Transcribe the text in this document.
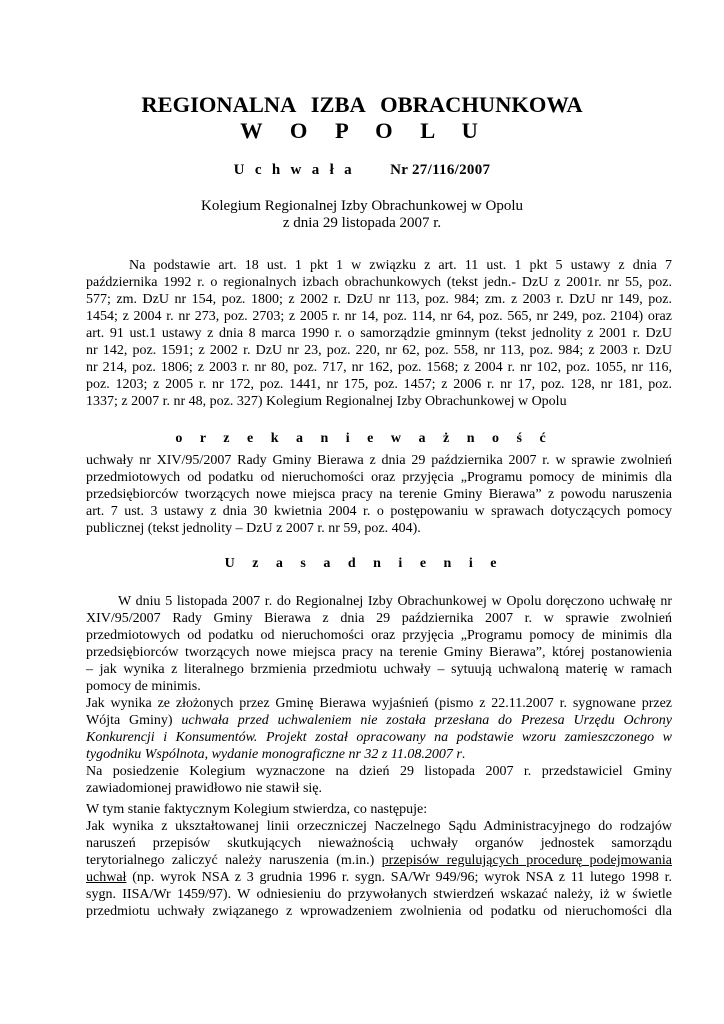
REGIONALNA IZBA OBRACHUNKOWA
W O P O L U
U c h w a ł a Nr 27/116/2007
Kolegium Regionalnej Izby Obrachunkowej w Opolu
z dnia 29 listopada 2007 r.
Na podstawie art. 18 ust. 1 pkt 1 w związku z art. 11 ust. 1 pkt 5 ustawy z dnia 7
października 1992 r. o regionalnych izbach obrachunkowych (tekst jedn.- DzU z 2001r. nr 55, poz.
577; zm. DzU nr 154, poz. 1800; z 2002 r. DzU nr 113, poz. 984; zm. z 2003 r. DzU nr 149, poz.
1454; z 2004 r. nr 273, poz. 2703; z 2005 r. nr 14, poz. 114, nr 64, poz. 565, nr 249, poz. 2104) oraz
art. 91 ust.1 ustawy z dnia 8 marca 1990 r. o samorządzie gminnym (tekst jednolity z 2001 r. DzU
nr 142, poz. 1591; z 2002 r. DzU nr 23, poz. 220, nr 62, poz. 558, nr 113, poz. 984; z 2003 r. DzU
nr 214, poz. 1806; z 2003 r. nr 80, poz. 717, nr 162, poz. 1568; z 2004 r. nr 102, poz. 1055, nr 116,
poz. 1203; z 2005 r. nr 172, poz. 1441, nr 175, poz. 1457; z 2006 r. nr 17, poz. 128, nr 181, poz.
1337; z 2007 r. nr 48, poz. 327) Kolegium Regionalnej Izby Obrachunkowej w Opolu
o r z e k a n i e w a ż n o ś ć
uchwały nr XIV/95/2007 Rady Gminy Bierawa z dnia 29 października 2007 r. w sprawie zwolnień
przedmiotowych od podatku od nieruchomości oraz przyjęcia „Programu pomocy de minimis dla
przedsiębiorców tworzących nowe miejsca pracy na terenie Gminy Bierawa” z powodu naruszenia
art. 7 ust. 3 ustawy z dnia 30 kwietnia 2004 r. o postępowaniu w sprawach dotyczących pomocy
publicznej (tekst jednolity – DzU z 2007 r. nr 59, poz. 404).
U z a s a d n i e n i e
W dniu 5 listopada 2007 r. do Regionalnej Izby Obrachunkowej w Opolu doręczono uchwałę nr
XIV/95/2007 Rady Gminy Bierawa z dnia 29 października 2007 r. w sprawie zwolnień
przedmiotowych od podatku od nieruchomości oraz przyjęcia „Programu pomocy de minimis dla
przedsiębiorców tworzących nowe miejsca pracy na terenie Gminy Bierawa”, której postanowienia
– jak wynika z literalnego brzmienia przedmiotu uchwały – sytuują uchwaloną materię w ramach
pomocy de minimis.
Jak wynika ze złożonych przez Gminę Bierawa wyjaśnień (pismo z 22.11.2007 r. sygnowane przez
Wójta Gminy) uchwała przed uchwaleniem nie została przesłana do Prezesa Urzędu Ochrony
Konkurencji i Konsumentów. Projekt został opracowany na podstawie wzoru zamieszczonego w
tygodniku Wspólnota, wydanie monograficzne nr 32 z 11.08.2007 r.
Na posiedzenie Kolegium wyznaczone na dzień 29 listopada 2007 r. przedstawiciel Gminy
zawiadomionej prawidłowo nie stawił się.
W tym stanie faktycznym Kolegium stwierdza, co następuje:
Jak wynika z ukształtowanej linii orzeczniczej Naczelnego Sądu Administracyjnego do rodzajów
naruszeń przepisów skutkujących nieważnością uchwały organów jednostek samorządu
terytorialnego zaliczyć należy naruszenia (m.in.) przepisów regulujących procedurę podejmowania
uchwał (np. wyrok NSA z 3 grudnia 1996 r. sygn. SA/Wr 949/96; wyrok NSA z 11 lutego 1998 r.
sygn. IISA/Wr 1459/97). W odniesieniu do przywołanych stwierdzeń wskazać należy, iż w świetle
przedmiotu uchwały związanego z wprowadzeniem zwolnienia od podatku od nieruchomości dla
